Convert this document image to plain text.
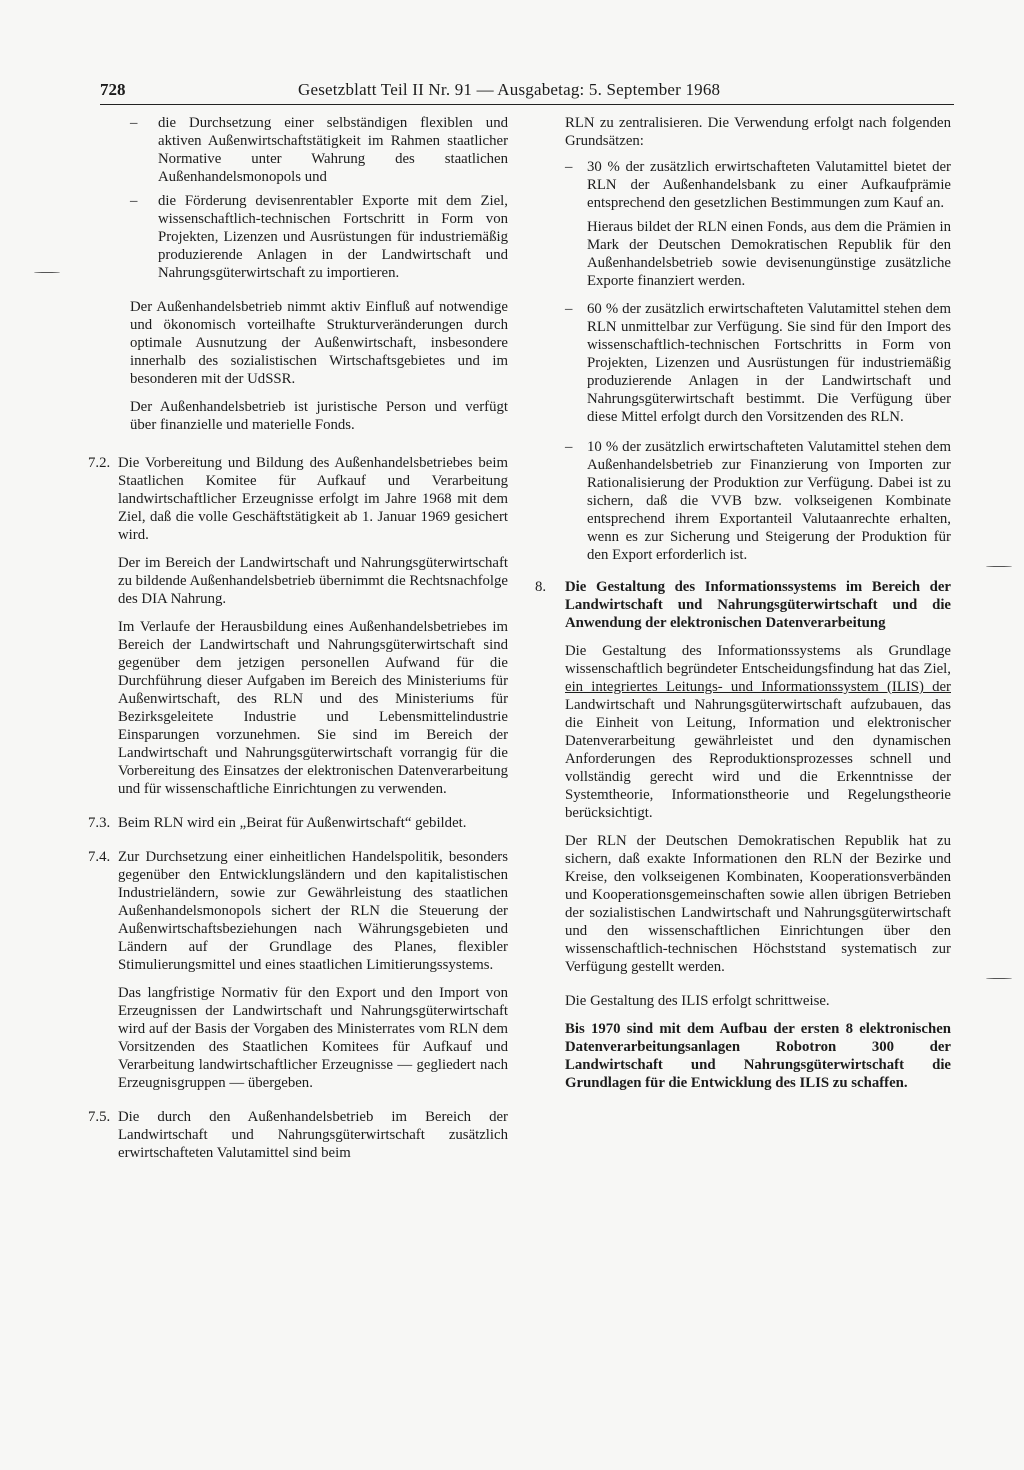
728	Gesetzblatt Teil II Nr. 91 — Ausgabetag: 5. September 1968
– die Durchsetzung einer selbständigen flexiblen und aktiven Außenwirtschaftstätigkeit im Rahmen staatlicher Normative unter Wahrung des staatlichen Außenhandelsmonopols und
– die Förderung devisenrentabler Exporte mit dem Ziel, wissenschaftlich-technischen Fortschritt in Form von Projekten, Lizenzen und Ausrüstungen für industriemäßig produzierende Anlagen in der Landwirtschaft und Nahrungsgüterwirtschaft zu importieren.

Der Außenhandelsbetrieb nimmt aktiv Einfluß auf notwendige und ökonomisch vorteilhafte Strukturveränderungen durch optimale Ausnutzung der Außenwirtschaft, insbesondere innerhalb des sozialistischen Wirtschaftsgebietes und im besonderen mit der UdSSR.

Der Außenhandelsbetrieb ist juristische Person und verfügt über finanzielle und materielle Fonds.

7.2. Die Vorbereitung und Bildung des Außenhandelsbetriebes beim Staatlichen Komitee für Aufkauf und Verarbeitung landwirtschaftlicher Erzeugnisse erfolgt im Jahre 1968 mit dem Ziel, daß die volle Geschäftstätigkeit ab 1. Januar 1969 gesichert wird.

Der im Bereich der Landwirtschaft und Nahrungsgüterwirtschaft zu bildende Außenhandelsbetrieb übernimmt die Rechtsnachfolge des DIA Nahrung.

Im Verlaufe der Herausbildung eines Außenhandelsbetriebes im Bereich der Landwirtschaft und Nahrungsgüterwirtschaft sind gegenüber dem jetzigen personellen Aufwand für die Durchführung dieser Aufgaben im Bereich des Ministeriums für Außenwirtschaft, des RLN und des Ministeriums für Bezirksgeleitete Industrie und Lebensmittelindustrie Einsparungen vorzunehmen. Sie sind im Bereich der Landwirtschaft und Nahrungsgüterwirtschaft vorrangig für die Vorbereitung des Einsatzes der elektronischen Datenverarbeitung und für wissenschaftliche Einrichtungen zu verwenden.

7.3. Beim RLN wird ein „Beirat für Außenwirtschaft“ gebildet.

7.4. Zur Durchsetzung einer einheitlichen Handelspolitik, besonders gegenüber den Entwicklungsländern und den kapitalistischen Industrieländern, sowie zur Gewährleistung des staatlichen Außenhandelsmonopols sichert der RLN die Steuerung der Außenwirtschaftsbeziehungen nach Währungsgebieten und Ländern auf der Grundlage des Planes, flexibler Stimulierungsmittel und eines staatlichen Limitierungssystems.

Das langfristige Normativ für den Export und den Import von Erzeugnissen der Landwirtschaft und Nahrungsgüterwirtschaft wird auf der Basis der Vorgaben des Ministerrates vom RLN dem Vorsitzenden des Staatlichen Komitees für Aufkauf und Verarbeitung landwirtschaftlicher Erzeugnisse — gegliedert nach Erzeugnisgruppen — übergeben.

7.5. Die durch den Außenhandelsbetrieb im Bereich der Landwirtschaft und Nahrungsgüterwirtschaft zusätzlich erwirtschafteten Valutamittel sind beim

RLN zu zentralisieren. Die Verwendung erfolgt nach folgenden Grundsätzen:

– 30 % der zusätzlich erwirtschafteten Valutamittel bietet der RLN der Außenhandelsbank zu einer Aufkaufprämie entsprechend den gesetzlichen Bestimmungen zum Kauf an.

Hieraus bildet der RLN einen Fonds, aus dem die Prämien in Mark der Deutschen Demokratischen Republik für den Außenhandelsbetrieb sowie devisenungünstige zusätzliche Exporte finanziert werden.

– 60 % der zusätzlich erwirtschafteten Valutamittel stehen dem RLN unmittelbar zur Verfügung. Sie sind für den Import des wissenschaftlich-technischen Fortschritts in Form von Projekten, Lizenzen und Ausrüstungen für industriemäßig produzierende Anlagen in der Landwirtschaft und Nahrungsgüterwirtschaft bestimmt. Die Verfügung über diese Mittel erfolgt durch den Vorsitzenden des RLN.
– 10 % der zusätzlich erwirtschafteten Valutamittel stehen dem Außenhandelsbetrieb zur Finanzierung von Importen zur Rationalisierung der Produktion zur Verfügung. Dabei ist zu sichern, daß die VVB bzw. volkseigenen Kombinate entsprechend ihrem Exportanteil Valutaanrechte erhalten, wenn es zur Sicherung und Steigerung der Produktion für den Export erforderlich ist.
8. Die Gestaltung des Informationssystems im Bereich der Landwirtschaft und Nahrungsgüterwirtschaft und die Anwendung der elektronischen Datenverarbeitung

Die Gestaltung des Informationssystems als Grundlage wissenschaftlich begründeter Entscheidungsfindung hat das Ziel, ein integriertes Leitungs- und Informationssystem (ILIS) der Landwirtschaft und Nahrungsgüterwirtschaft aufzubauen, das die Einheit von Leitung, Information und elektronischer Datenverarbeitung gewährleistet und den dynamischen Anforderungen des Reproduktionsprozesses schnell und vollständig gerecht wird und die Erkenntnisse der Systemtheorie, Informationstheorie und Regelungstheorie berücksichtigt.

Der RLN der Deutschen Demokratischen Republik hat zu sichern, daß exakte Informationen den RLN der Bezirke und Kreise, den volkseigenen Kombinaten, Kooperationsverbänden und Kooperationsgemeinschaften sowie allen übrigen Betrieben der sozialistischen Landwirtschaft und Nahrungsgüterwirtschaft und den wissenschaftlichen Einrichtungen über den wissenschaftlich-technischen Höchststand systematisch zur Verfügung gestellt werden.

Die Gestaltung des ILIS erfolgt schrittweise.

Bis 1970 sind mit dem Aufbau der ersten 8 elektronischen Datenverarbeitungsanlagen Robotron 300 der Landwirtschaft und Nahrungsgüterwirtschaft die Grundlagen für die Entwicklung des ILIS zu schaffen.
